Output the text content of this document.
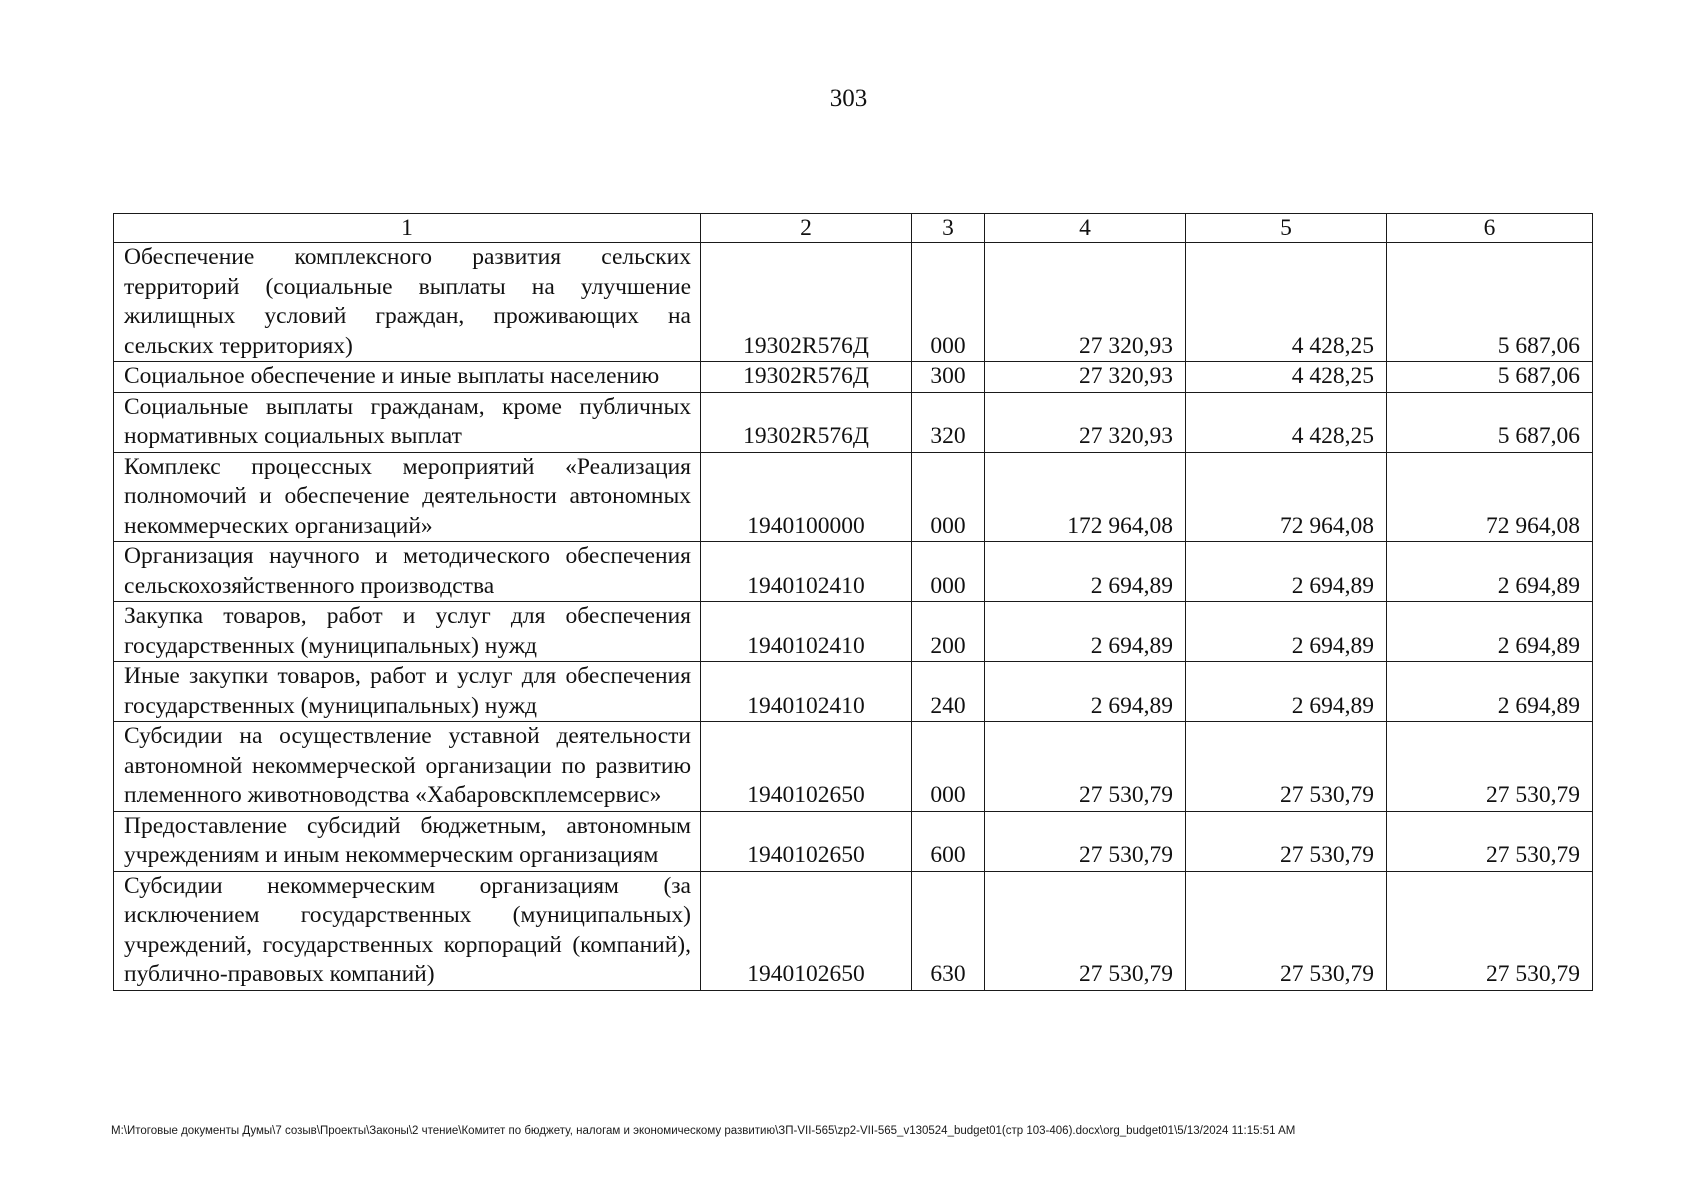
303
1	2	3	4	5	6
Обеспечение комплексного развития сельских территорий (социальные выплаты на улучшение жилищных условий граждан, проживающих на сельских территориях)	19302R576Д	000	27 320,93	4 428,25	5 687,06
Социальное обеспечение и иные выплаты населению	19302R576Д	300	27 320,93	4 428,25	5 687,06
Социальные выплаты гражданам, кроме публичных нормативных социальных выплат	19302R576Д	320	27 320,93	4 428,25	5 687,06
Комплекс процессных мероприятий «Реализация полномочий и обеспечение деятельности автономных некоммерческих организаций»	1940100000	000	172 964,08	72 964,08	72 964,08
Организация научного и методического обеспечения сельскохозяйственного производства	1940102410	000	2 694,89	2 694,89	2 694,89
Закупка товаров, работ и услуг для обеспечения государственных (муниципальных) нужд	1940102410	200	2 694,89	2 694,89	2 694,89
Иные закупки товаров, работ и услуг для обеспечения государственных (муниципальных) нужд	1940102410	240	2 694,89	2 694,89	2 694,89
Субсидии на осуществление уставной деятельности автономной некоммерческой организации по развитию племенного животноводства «Хабаровскплемсервис»	1940102650	000	27 530,79	27 530,79	27 530,79
Предоставление субсидий бюджетным, автономным учреждениям и иным некоммерческим организациям	1940102650	600	27 530,79	27 530,79	27 530,79
Субсидии некоммерческим организациям (за исключением государственных (муниципальных) учреждений, государственных корпораций (компаний), публично-правовых компаний)	1940102650	630	27 530,79	27 530,79	27 530,79
M:\Итоговые документы Думы\7 созыв\Проекты\Законы\2 чтение\Комитет по бюджету, налогам и экономическому развитию\ЗП-VII-565\zp2-VII-565_v130524_budget01(стр 103-406).docx\org_budget01\5/13/2024 11:15:51 AM
